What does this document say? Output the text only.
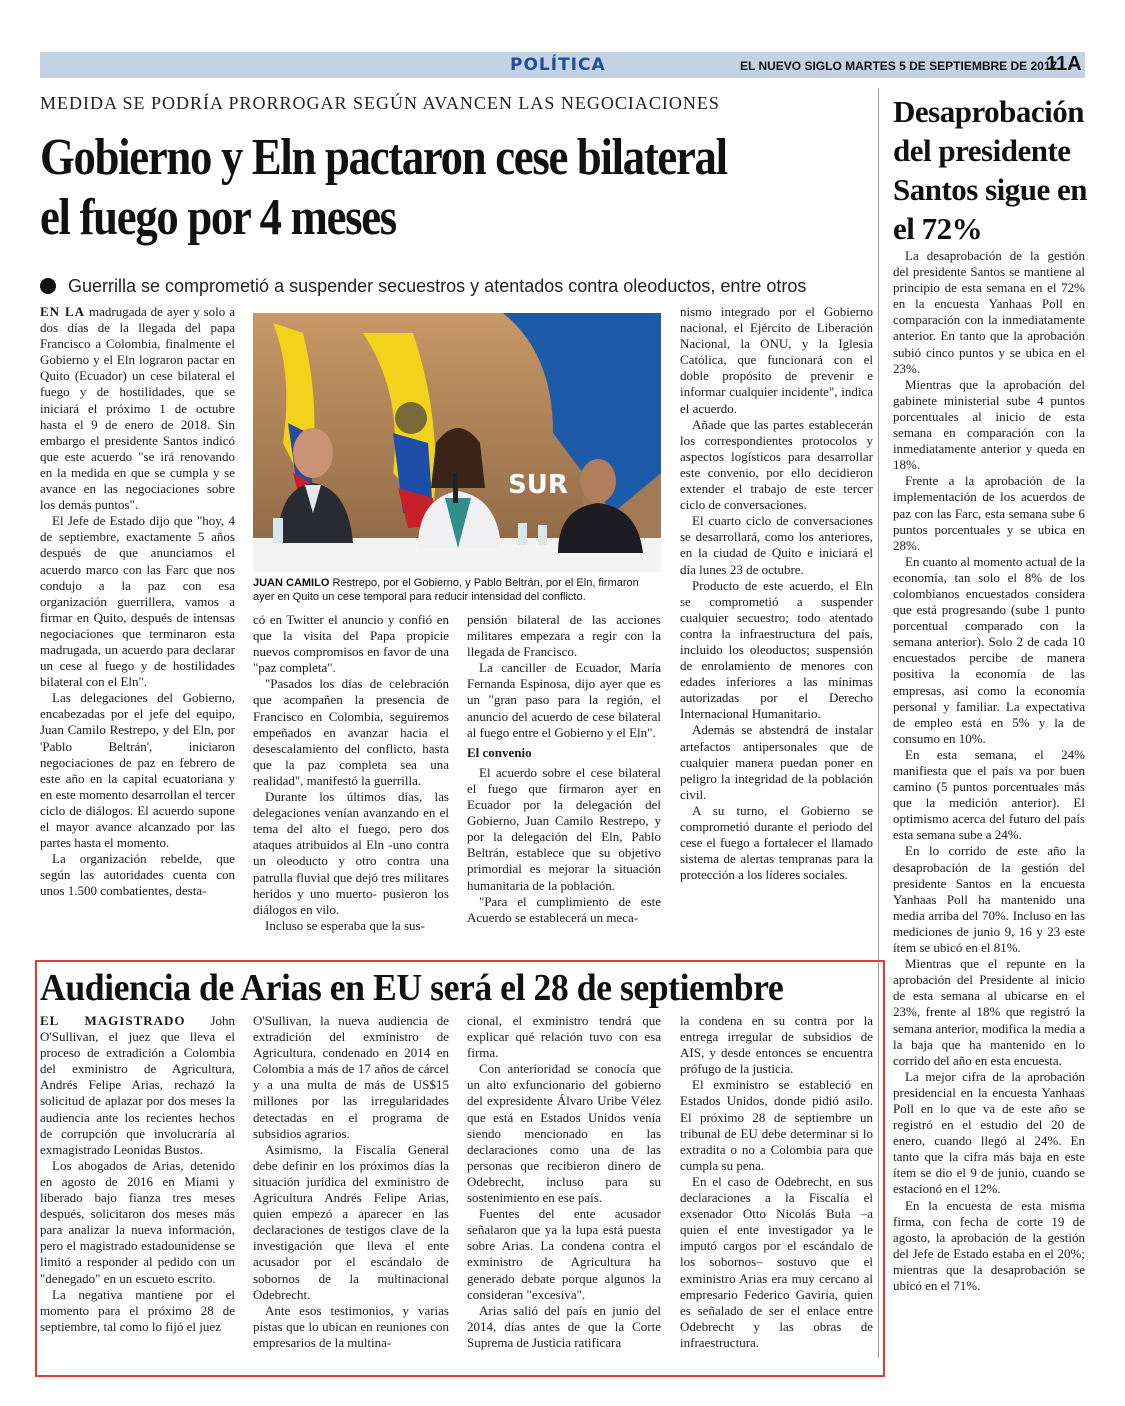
POLÍTICA	EL NUEVO SIGLO MARTES 5 DE SEPTIEMBRE DE 2017
11A
MEDIDA SE PODRÍA PRORROGAR SEGÚN AVANCEN LAS NEGOCIACIONES
Gobierno y Eln pactaron cese bilateral el fuego por 4 meses
Guerrilla se comprometió a suspender secuestros y atentados contra oleoductos, entre otros

EN LA madrugada de ayer y solo a dos días de la llegada del papa Francisco a Colombia, finalmente el Gobierno y el Eln lograron pactar en Quito (Ecuador) un cese bilateral el fuego y de hostilidades, que se iniciará el próximo 1 de octubre hasta el 9 de enero de 2018. Sin embargo el presidente Santos indicó que este acuerdo "se irá renovando en la medida en que se cumpla y se avance en las negociaciones sobre los demás puntos".

El Jefe de Estado dijo que "hoy, 4 de septiembre, exactamente 5 años después de que anunciamos el acuerdo marco con las Farc que nos condujo a la paz con esa organización guerrillera, vamos a firmar en Quito, después de intensas negociaciones que terminaron esta madrugada, un acuerdo para declarar un cese al fuego y de hostilidades bilateral con el Eln".

Las delegaciones del Gobierno, encabezadas por el jefe del equipo, Juan Camilo Restrepo, y del Eln, por 'Pablo Beltrán', iniciaron negociaciones de paz en febrero de este año en la capital ecuatoriana y en este momento desarrollan el tercer ciclo de diálogos. El acuerdo supone el mayor avance alcanzado por las partes hasta el momento.

La organización rebelde, que según las autoridades cuenta con unos 1.500 combatientes, desta-

SUR
JUAN CAMILO Restrepo, por el Gobierno, y Pablo Beltrán, por el Eln, firmaron ayer en Quito un cese temporal para reducir intensidad del conflicto.

có en Twitter el anuncio y confió en que la visita del Papa propicie nuevos compromisos en favor de una "paz completa".

"Pasados los días de celebración que acompañen la presencia de Francisco en Colombia, seguiremos empeñados en avanzar hacia el desescalamiento del conflicto, hasta que la paz completa sea una realidad", manifestó la guerrilla.

Durante los últimos días, las delegaciones venían avanzando en el tema del alto el fuego, pero dos ataques atribuidos al Eln -uno contra un oleoducto y otro contra una patrulla fluvial que dejó tres militares heridos y uno muerto- pusieron los diálogos en vilo.

Incluso se esperaba que la sus-

pensión bilateral de las acciones militares empezara a regir con la llegada de Francisco.

La canciller de Ecuador, María Fernanda Espinosa, dijo ayer que es un "gran paso para la región, el anuncio del acuerdo de cese bilateral al fuego entre el Gobierno y el Eln".

El convenio

El acuerdo sobre el cese bilateral el fuego que firmaron ayer en Ecuador por la delegación del Gobierno, Juan Camilo Restrepo, y por la delegación del Eln, Pablo Beltrán, establece que su objetivo primordial es mejorar la situación humanitaria de la población.

"Para el cumplimiento de este Acuerdo se establecerá un meca-

nismo integrado por el Gobierno nacional, el Ejército de Liberación Nacional, la ONU, y la Iglesia Católica, que funcionará con el doble propósito de prevenir e informar cualquier incidente", indica el acuerdo.

Añade que las partes establecerán los correspondientes protocolos y aspectos logísticos para desarrollar este convenio, por ello decidieron extender el trabajo de este tercer ciclo de conversaciones.

El cuarto ciclo de conversaciones se desarrollará, como los anteriores, en la ciudad de Quito e iniciará el día lunes 23 de octubre.

Producto de este acuerdo, el Eln se comprometió a suspender cualquier secuestro; todo atentado contra la infraestructura del país, incluido los oleoductos; suspensión de enrolamiento de menores con edades inferiores a las mínimas autorizadas por el Derecho Internacional Humanitario.

Además se abstendrá de instalar artefactos antipersonales que de cualquier manera puedan poner en peligro la integridad de la población civil.

A su turno, el Gobierno se comprometió durante el periodo del cese el fuego a fortalecer el llamado sistema de alertas tempranas para la protección a los líderes sociales.

Desaprobación del presidente Santos sigue en el 72%

La desaprobación de la gestión del presidente Santos se mantiene al principio de esta semana en el 72% en la encuesta Yanhaas Poll en comparación con la inmediatamente anterior. En tanto que la aprobación subió cinco puntos y se ubica en el 23%.

Mientras que la aprobación del gabinete ministerial sube 4 puntos porcentuales al inicio de esta semana en comparación con la inmediatamente anterior y queda en 18%.

Frente a la aprobación de la implementación de los acuerdos de paz con las Farc, esta semana sube 6 puntos porcentuales y se ubica en 28%.

En cuanto al momento actual de la economía, tan solo el 8% de los colombianos encuestados considera que está progresando (sube 1 punto porcentual comparado con la semana anterior). Solo 2 de cada 10 encuestados percibe de manera positiva la economía de las empresas, así como la economía personal y familiar. La expectativa de empleo está en 5% y la de consumo en 10%.

En esta semana, el 24% manifiesta que el país va por buen camino (5 puntos porcentuales más que la medición anterior). El optimismo acerca del futuro del país esta semana sube a 24%.

En lo corrido de este año la desaprobación de la gestión del presidente Santos en la encuesta Yanhaas Poll ha mantenido una media arriba del 70%. Incluso en las mediciones de junio 9, 16 y 23 este ítem se ubicó en el 81%.

Mientras que el repunte en la aprobación del Presidente al inicio de esta semana al ubicarse en el 23%, frente al 18% que registró la semana anterior, modifica la media a la baja que ha mantenido en lo corrido del año en esta encuesta.

La mejor cifra de la aprobación presidencial en la encuesta Yanhaas Poll en lo que va de este año se registró en el estudio del 20 de enero, cuando llegó al 24%. En tanto que la cifra más baja en este ítem se dio el 9 de junio, cuando se estacionó en el 12%.

En la encuesta de esta misma firma, con fecha de corte 19 de agosto, la aprobación de la gestión del Jefe de Estado estaba en el 20%; mientras que la desaprobación se ubicó en el 71%.

Audiencia de Arias en EU será el 28 de septiembre

EL MAGISTRADO John O'Sullivan, el juez que lleva el proceso de extradición a Colombia del exministro de Agricultura, Andrés Felipe Arias, rechazó la solicitud de aplazar por dos meses la audiencia ante los recientes hechos de corrupción que involucraría al exmagistrado Leonidas Bustos.

Los abogados de Arias, detenido en agosto de 2016 en Miami y liberado bajo fianza tres meses después, solicitaron dos meses más para analizar la nueva información, pero el magistrado estadounidense se limitó a responder al pedido con un "denegado" en un escueto escrito.

La negativa mantiene por el momento para el próximo 28 de septiembre, tal como lo fijó el juez

O'Sullivan, la nueva audiencia de extradición del exministro de Agricultura, condenado en 2014 en Colombia a más de 17 años de cárcel y a una multa de más de US$15 millones por las irregularidades detectadas en el programa de subsidios agrarios.

Asimismo, la Fiscalía General debe definir en los próximos días la situación jurídica del exministro de Agricultura Andrés Felipe Arias, quien empezó a aparecer en las declaraciones de testigos clave de la investigación que lleva el ente acusador por el escándalo de sobornos de la multinacional Odebrecht.

Ante esos testimonios, y varias pistas que lo ubican en reuniones con empresarios de la multina-

cional, el exministro tendrá que explicar qué relación tuvo con esa firma.

Con anterioridad se conocía que un alto exfuncionario del gobierno del expresidente Álvaro Uribe Vélez que está en Estados Unidos venía siendo mencionado en las declaraciones como una de las personas que recibieron dinero de Odebrecht, incluso para su sostenimiento en ese país.

Fuentes del ente acusador señalaron que ya la lupa está puesta sobre Arias. La condena contra el exministro de Agricultura ha generado debate porque algunos la consideran "excesiva".

Arias salió del país en junio del 2014, días antes de que la Corte Suprema de Justicia ratificara

la condena en su contra por la entrega irregular de subsidios de AIS, y desde entonces se encuentra prófugo de la justicia.

El exministro se estableció en Estados Unidos, donde pidió asilo. El próximo 28 de septiembre un tribunal de EU debe determinar si lo extradita o no a Colombia para que cumpla su pena.

En el caso de Odebrecht, en sus declaraciones a la Fiscalía el exsenador Otto Nicolás Bula –a quien el ente investigador ya le imputó cargos por el escándalo de los sobornos– sostuvo que el exministro Arias era muy cercano al empresario Federico Gaviria, quien es señalado de ser el enlace entre Odebrecht y las obras de infraestructura.
